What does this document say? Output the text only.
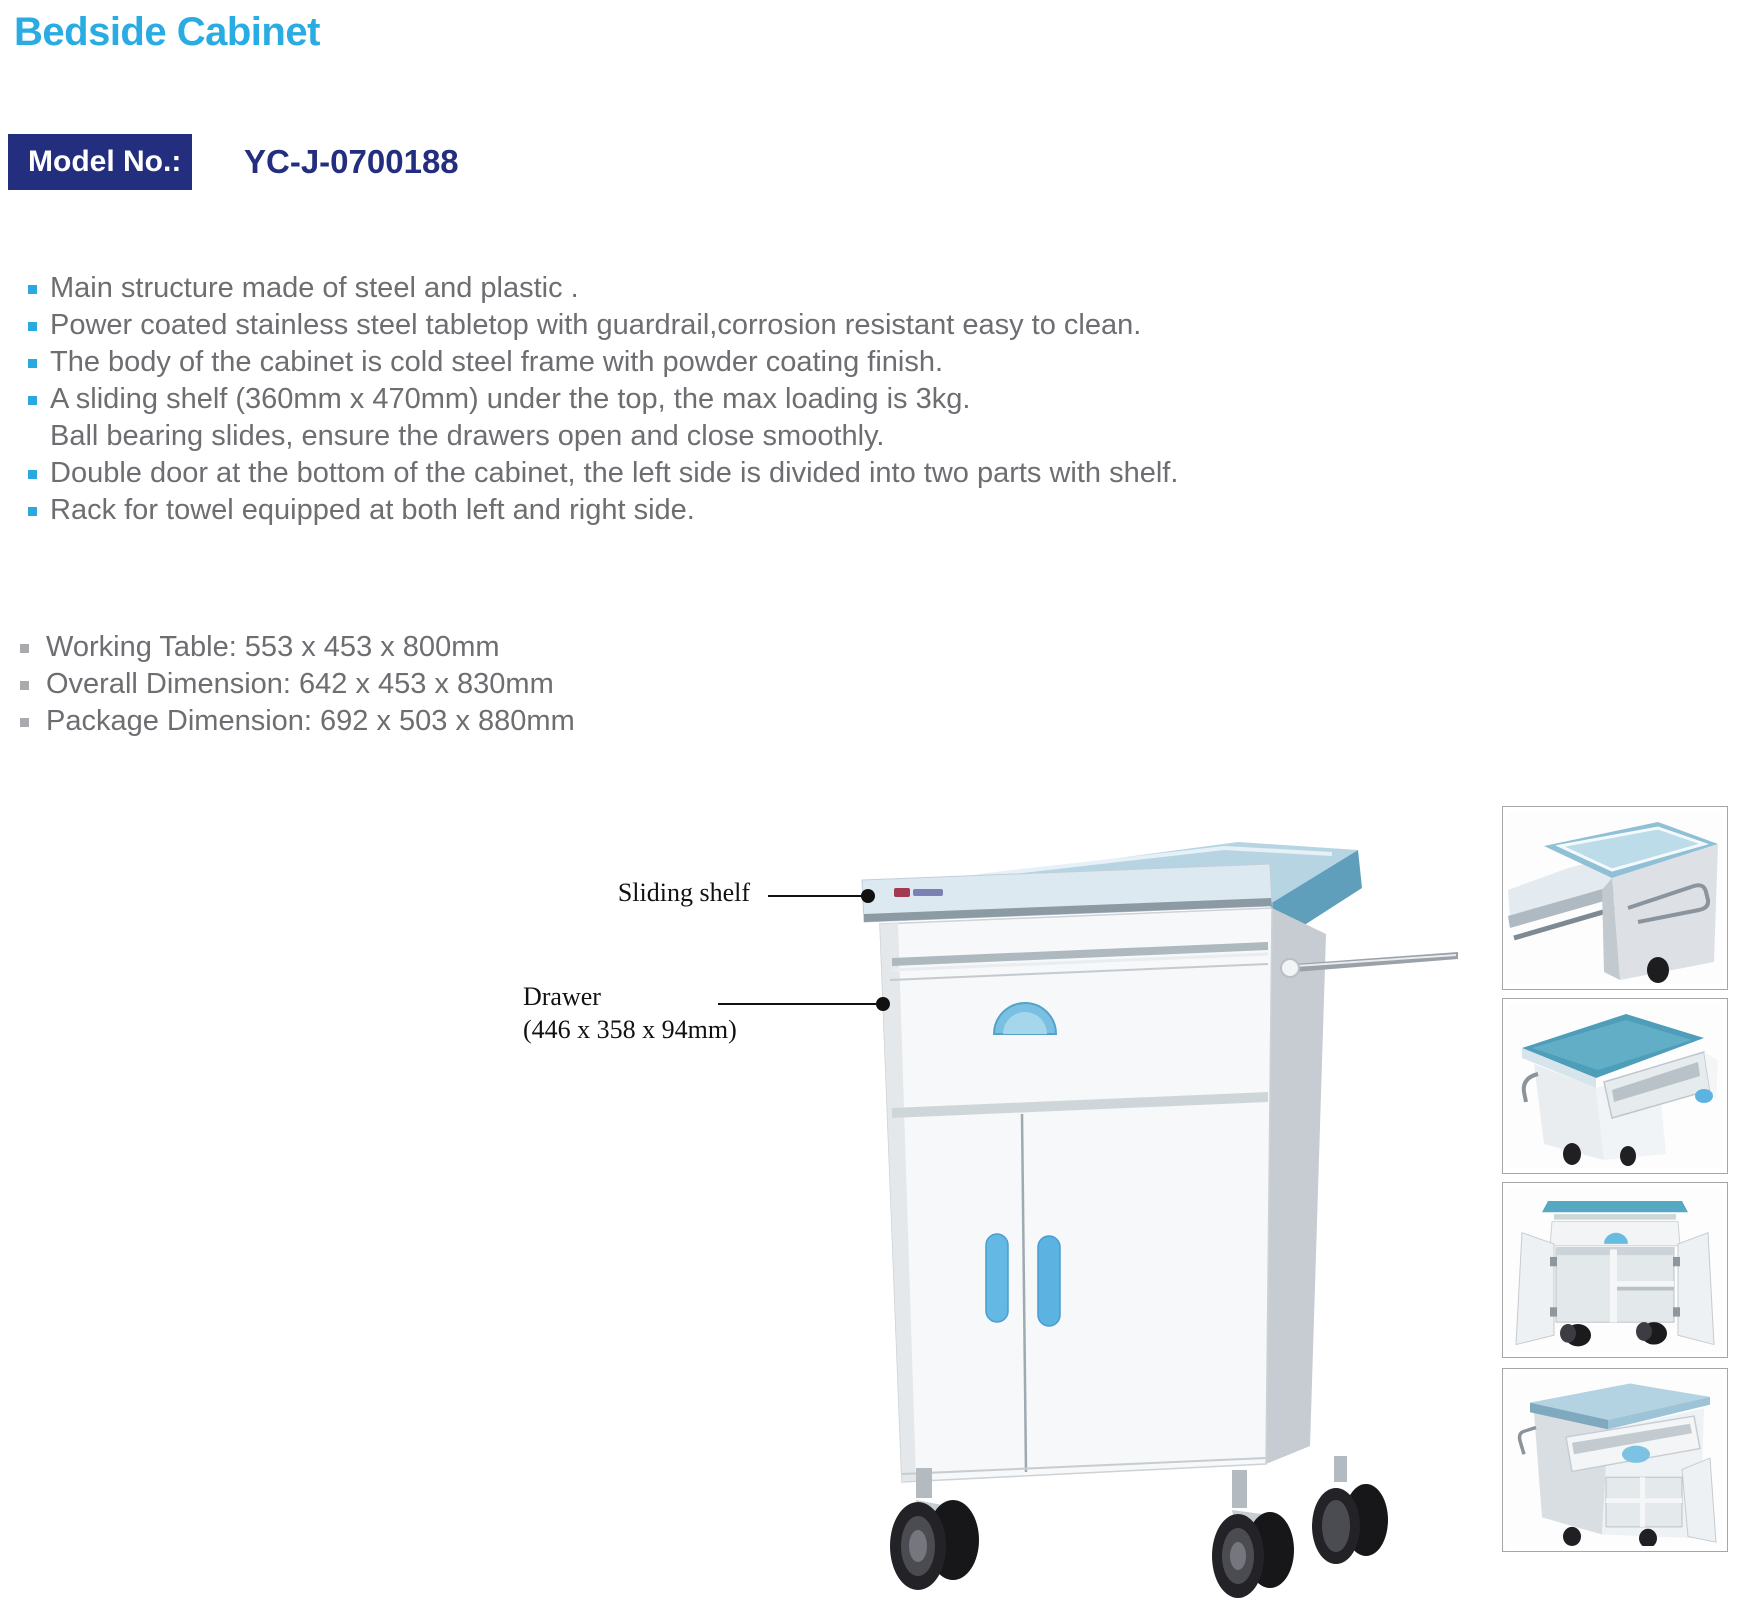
Bedside Cabinet
Model No.:	YC-J-0700188
Main structure made of steel and plastic .
Power coated stainless steel tabletop with guardrail,corrosion resistant easy to clean.
The body of the cabinet is cold steel frame with powder coating finish.
A sliding shelf (360mm x 470mm) under the top, the max loading is 3kg.
Ball bearing slides, ensure the drawers open and close smoothly.
Double door at the bottom of the cabinet, the left side is divided into two parts with shelf.
Rack for towel equipped at both left and right side.
Working Table: 553 x 453 x 800mm
Overall Dimension: 642 x 453 x 830mm
Package Dimension: 692 x 503 x 880mm
Sliding shelf
Drawer
(446 x 358 x 94mm)
